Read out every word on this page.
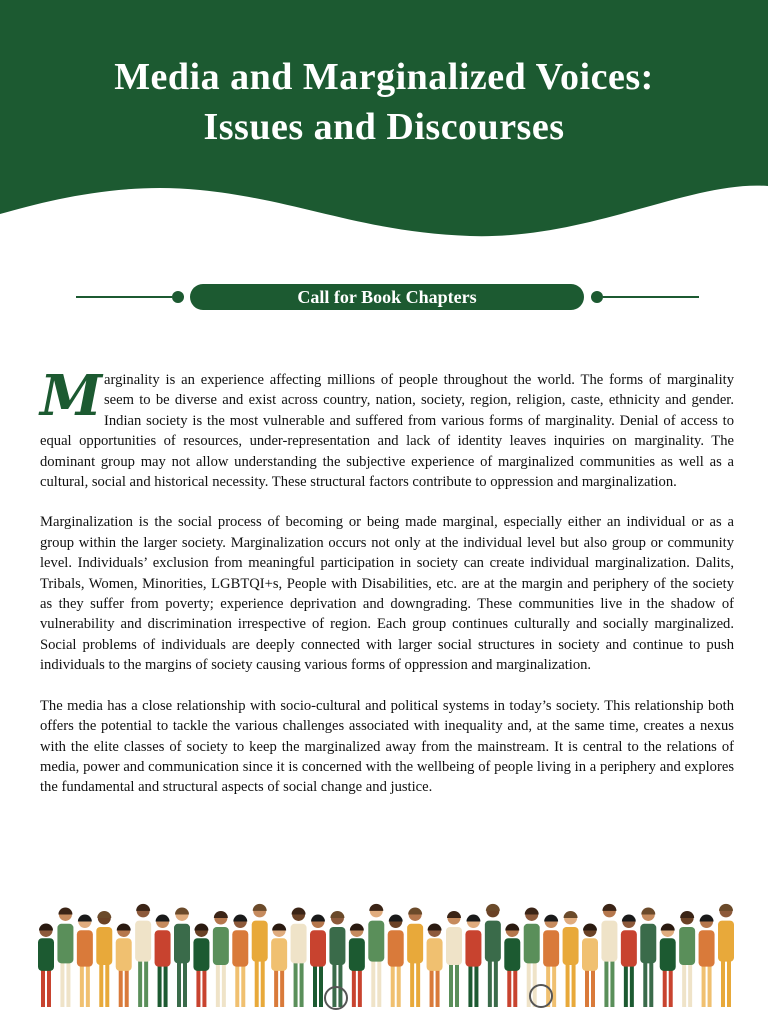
Media and Marginalized Voices:
Issues and Discourses
Call for Book Chapters

Marginality is an experience affecting millions of people throughout the world. The forms of marginality seem to be diverse and exist across country, nation, society, region, religion, caste, ethnicity and gender. Indian society is the most vulnerable and suffered from various forms of marginality. Denial of access to equal opportunities of resources, under-representation and lack of identity leaves inquiries on marginality. The dominant group may not allow understanding the subjective experience of marginalized communities as well as a cultural, social and historical necessity. These structural factors contribute to oppression and marginalization.

Marginalization is the social process of becoming or being made marginal, especially either an individual or as a group within the larger society. Marginalization occurs not only at the individual level but also group or community level. Individuals’ exclusion from meaningful participation in society can create individual marginalization. Dalits, Tribals, Women, Minorities, LGBTQI+s, People with Disabilities, etc. are at the margin and periphery of the society as they suffer from poverty; experience deprivation and downgrading. These communities live in the shadow of vulnerability and discrimination irrespective of region. Each group continues culturally and socially marginalized. Social problems of individuals are deeply connected with larger social structures in society and continue to push individuals to the margins of society causing various forms of oppression and marginalization.

The media has a close relationship with socio-cultural and political systems in today’s society. This relationship both offers the potential to tackle the various challenges associated with inequality and, at the same time, creates a nexus with the elite classes of society to keep the marginalized away from the mainstream. It is central to the relations of media, power and communication since it is concerned with the wellbeing of people living in a periphery and explores the fundamental and structural aspects of social change and justice.
